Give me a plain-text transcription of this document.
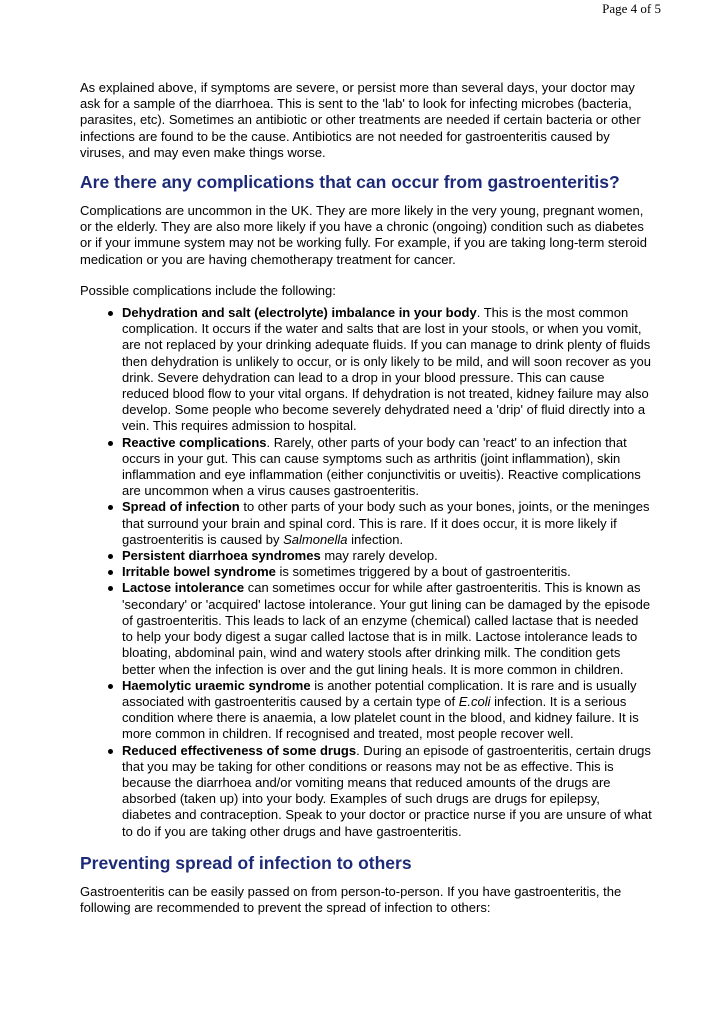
Page 4 of 5

As explained above, if symptoms are severe, or persist more than several days, your doctor may ask for a sample of the diarrhoea. This is sent to the 'lab' to look for infecting microbes (bacteria, parasites, etc). Sometimes an antibiotic or other treatments are needed if certain bacteria or other infections are found to be the cause. Antibiotics are not needed for gastroenteritis caused by viruses, and may even make things worse.

Are there any complications that can occur from gastroenteritis?

Complications are uncommon in the UK. They are more likely in the very young, pregnant women, or the elderly. They are also more likely if you have a chronic (ongoing) condition such as diabetes or if your immune system may not be working fully. For example, if you are taking long-term steroid medication or you are having chemotherapy treatment for cancer.

Possible complications include the following:

Dehydration and salt (electrolyte) imbalance in your body. This is the most common complication. It occurs if the water and salts that are lost in your stools, or when you vomit, are not replaced by your drinking adequate fluids. If you can manage to drink plenty of fluids then dehydration is unlikely to occur, or is only likely to be mild, and will soon recover as you drink. Severe dehydration can lead to a drop in your blood pressure. This can cause reduced blood flow to your vital organs. If dehydration is not treated, kidney failure may also develop. Some people who become severely dehydrated need a 'drip' of fluid directly into a vein. This requires admission to hospital.
Reactive complications. Rarely, other parts of your body can 'react' to an infection that occurs in your gut. This can cause symptoms such as arthritis (joint inflammation), skin inflammation and eye inflammation (either conjunctivitis or uveitis). Reactive complications are uncommon when a virus causes gastroenteritis.
Spread of infection to other parts of your body such as your bones, joints, or the meninges that surround your brain and spinal cord. This is rare. If it does occur, it is more likely if gastroenteritis is caused by Salmonella infection.
Persistent diarrhoea syndromes may rarely develop.
Irritable bowel syndrome is sometimes triggered by a bout of gastroenteritis.
Lactose intolerance can sometimes occur for while after gastroenteritis. This is known as 'secondary' or 'acquired' lactose intolerance. Your gut lining can be damaged by the episode of gastroenteritis. This leads to lack of an enzyme (chemical) called lactase that is needed to help your body digest a sugar called lactose that is in milk. Lactose intolerance leads to bloating, abdominal pain, wind and watery stools after drinking milk. The condition gets better when the infection is over and the gut lining heals. It is more common in children.
Haemolytic uraemic syndrome is another potential complication. It is rare and is usually associated with gastroenteritis caused by a certain type of E.coli infection. It is a serious condition where there is anaemia, a low platelet count in the blood, and kidney failure. It is more common in children. If recognised and treated, most people recover well.
Reduced effectiveness of some drugs. During an episode of gastroenteritis, certain drugs that you may be taking for other conditions or reasons may not be as effective. This is because the diarrhoea and/or vomiting means that reduced amounts of the drugs are absorbed (taken up) into your body. Examples of such drugs are drugs for epilepsy, diabetes and contraception. Speak to your doctor or practice nurse if you are unsure of what to do if you are taking other drugs and have gastroenteritis.
Preventing spread of infection to others

Gastroenteritis can be easily passed on from person-to-person. If you have gastroenteritis, the following are recommended to prevent the spread of infection to others:
